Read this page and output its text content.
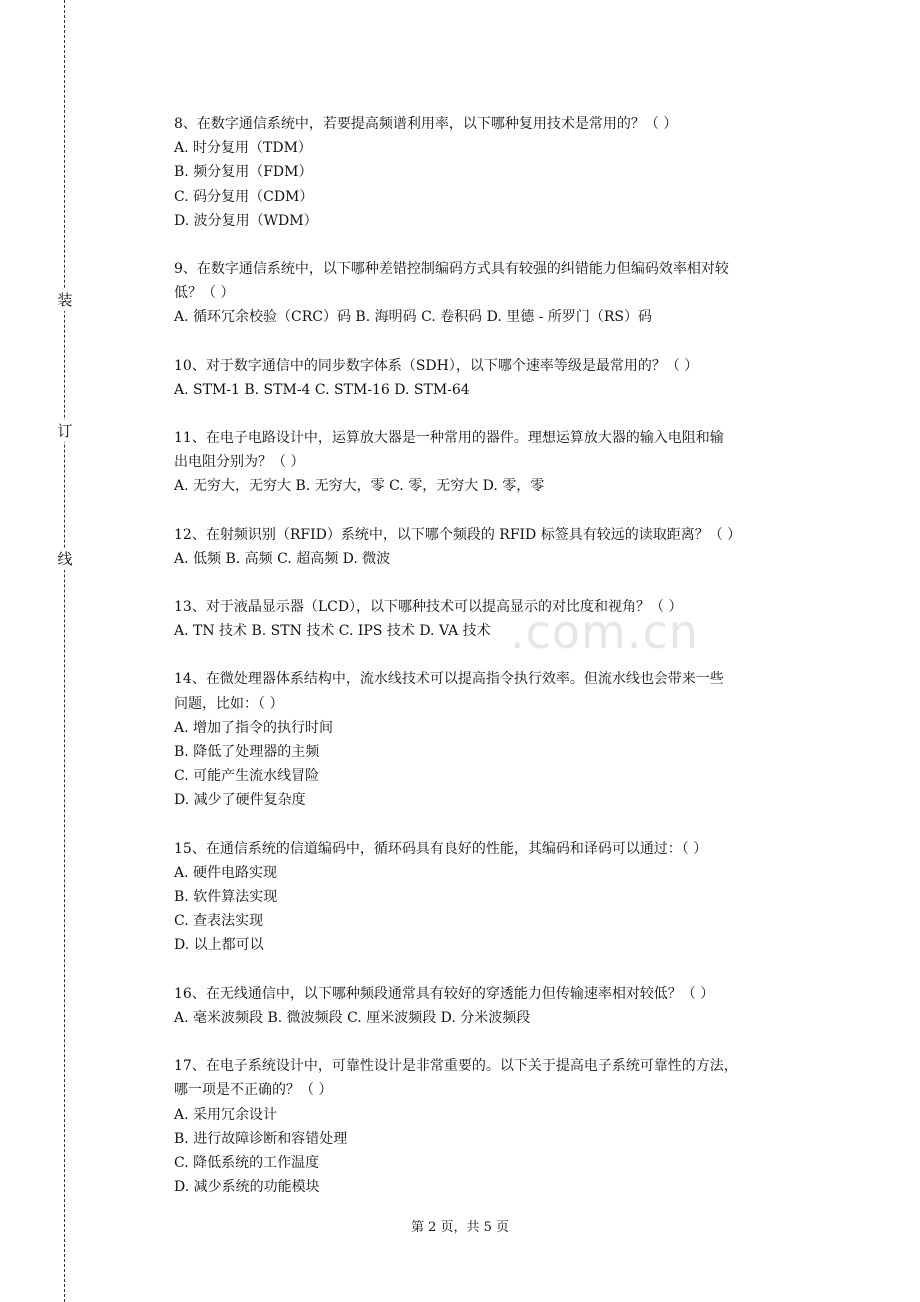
装
订
线
.com.cn

8、在数字通信系统中，若要提高频谱利用率，以下哪种复用技术是常用的？（ ）

A. 时分复用（TDM）

B. 频分复用（FDM）

C. 码分复用（CDM）

D. 波分复用（WDM）

9、在数字通信系统中，以下哪种差错控制编码方式具有较强的纠错能力但编码效率相对较

低？（ ）

A. 循环冗余校验（CRC）码 B. 海明码 C. 卷积码 D. 里德 - 所罗门（RS）码

10、对于数字通信中的同步数字体系（SDH），以下哪个速率等级是最常用的？（ ）

A. STM-1 B. STM-4 C. STM-16 D. STM-64

11、在电子电路设计中，运算放大器是一种常用的器件。理想运算放大器的输入电阻和输

出电阻分别为？（ ）

A. 无穷大，无穷大 B. 无穷大，零 C. 零，无穷大 D. 零，零

12、在射频识别（RFID）系统中，以下哪个频段的 RFID 标签具有较远的读取距离？（ ）

A. 低频 B. 高频 C. 超高频 D. 微波

13、对于液晶显示器（LCD），以下哪种技术可以提高显示的对比度和视角？（ ）

A. TN 技术 B. STN 技术 C. IPS 技术 D. VA 技术

14、在微处理器体系结构中，流水线技术可以提高指令执行效率。但流水线也会带来一些

问题，比如：（ ）

A. 增加了指令的执行时间

B. 降低了处理器的主频

C. 可能产生流水线冒险

D. 减少了硬件复杂度

15、在通信系统的信道编码中，循环码具有良好的性能，其编码和译码可以通过：（ ）

A. 硬件电路实现

B. 软件算法实现

C. 查表法实现

D. 以上都可以

16、在无线通信中，以下哪种频段通常具有较好的穿透能力但传输速率相对较低？（ ）

A. 毫米波频段 B. 微波频段 C. 厘米波频段 D. 分米波频段

17、在电子系统设计中，可靠性设计是非常重要的。以下关于提高电子系统可靠性的方法，

哪一项是不正确的？（ ）

A. 采用冗余设计

B. 进行故障诊断和容错处理

C. 降低系统的工作温度

D. 减少系统的功能模块

第 2 页，共 5 页
